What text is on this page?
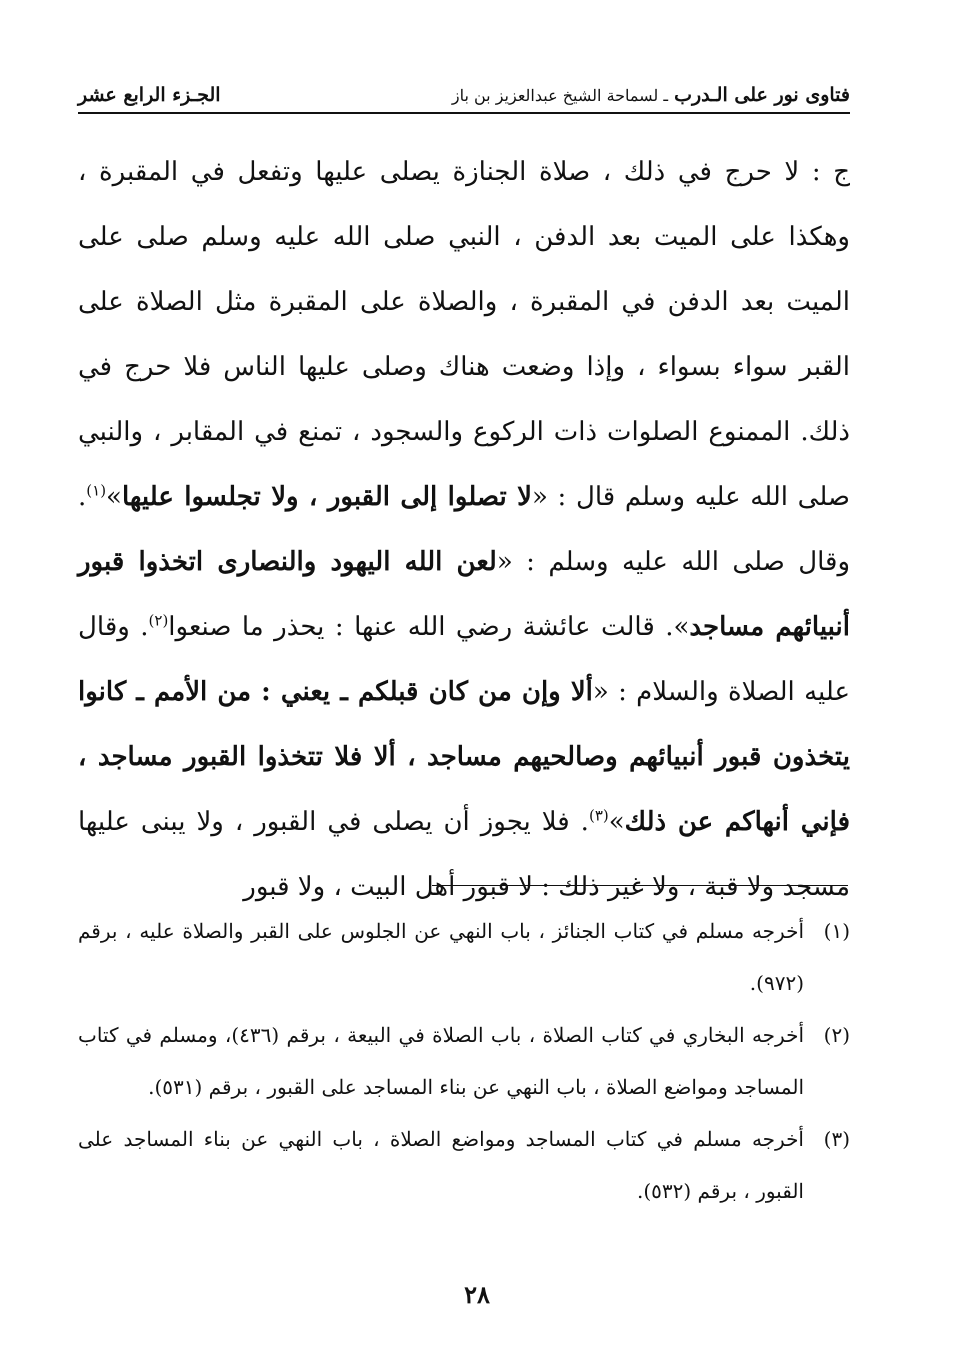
فتاوى نور على الـدرب
ـ لسماحة الشيخ عبدالعزيز بن باز
الجـزء الرابع عشر

ج : لا حرج في ذلك ، صلاة الجنازة يصلى عليها وتفعل في المقبرة ، وهكذا على الميت بعد الدفن ، النبي صلى الله عليه وسلم صلى على الميت بعد الدفن في المقبرة ، والصلاة على المقبرة مثل الصلاة على القبر سواء بسواء ، وإذا وضعت هناك وصلى عليها الناس فلا حرج في ذلك. الممنوع الصلوات ذات الركوع والسجود ، تمنع في المقابر ، والنبي صلى الله عليه وسلم قال : «لا تصلوا إلى القبور ، ولا تجلسوا عليها»$^{(١)}$. وقال صلى الله عليه وسلم : «لعن الله اليهود والنصارى اتخذوا قبور أنبيائهم مساجد». قالت عائشة رضي الله عنها : يحذر ما صنعوا$^{(٢)}$. وقال عليه الصلاة والسلام : «ألا وإن من كان قبلكم ـ يعني : من الأمم ـ كانوا يتخذون قبور أنبيائهم وصالحيهم مساجد ، ألا فلا تتخذوا القبور مساجد ، فإني أنهاكم عن ذلك»$^{(٣)}$. فلا يجوز أن يصلى في القبور ، ولا يبنى عليها مسجد ولا قبة ، ولا غير ذلك : لا قبور أهل البيت ، ولا قبور

(١)
أخرجه مسلم في كتاب الجنائز ، باب النهي عن الجلوس على القبر والصلاة عليه ، برقم (٩٧٢).
(٢)
أخرجه البخاري في كتاب الصلاة ، باب الصلاة في البيعة ، برقم (٤٣٦)، ومسلم في كتاب المساجد ومواضع الصلاة ، باب النهي عن بناء المساجد على القبور ، برقم (٥٣١).
(٣)
أخرجه مسلم في كتاب المساجد ومواضع الصلاة ، باب النهي عن بناء المساجد على القبور ، برقم (٥٣٢).
٢٨
